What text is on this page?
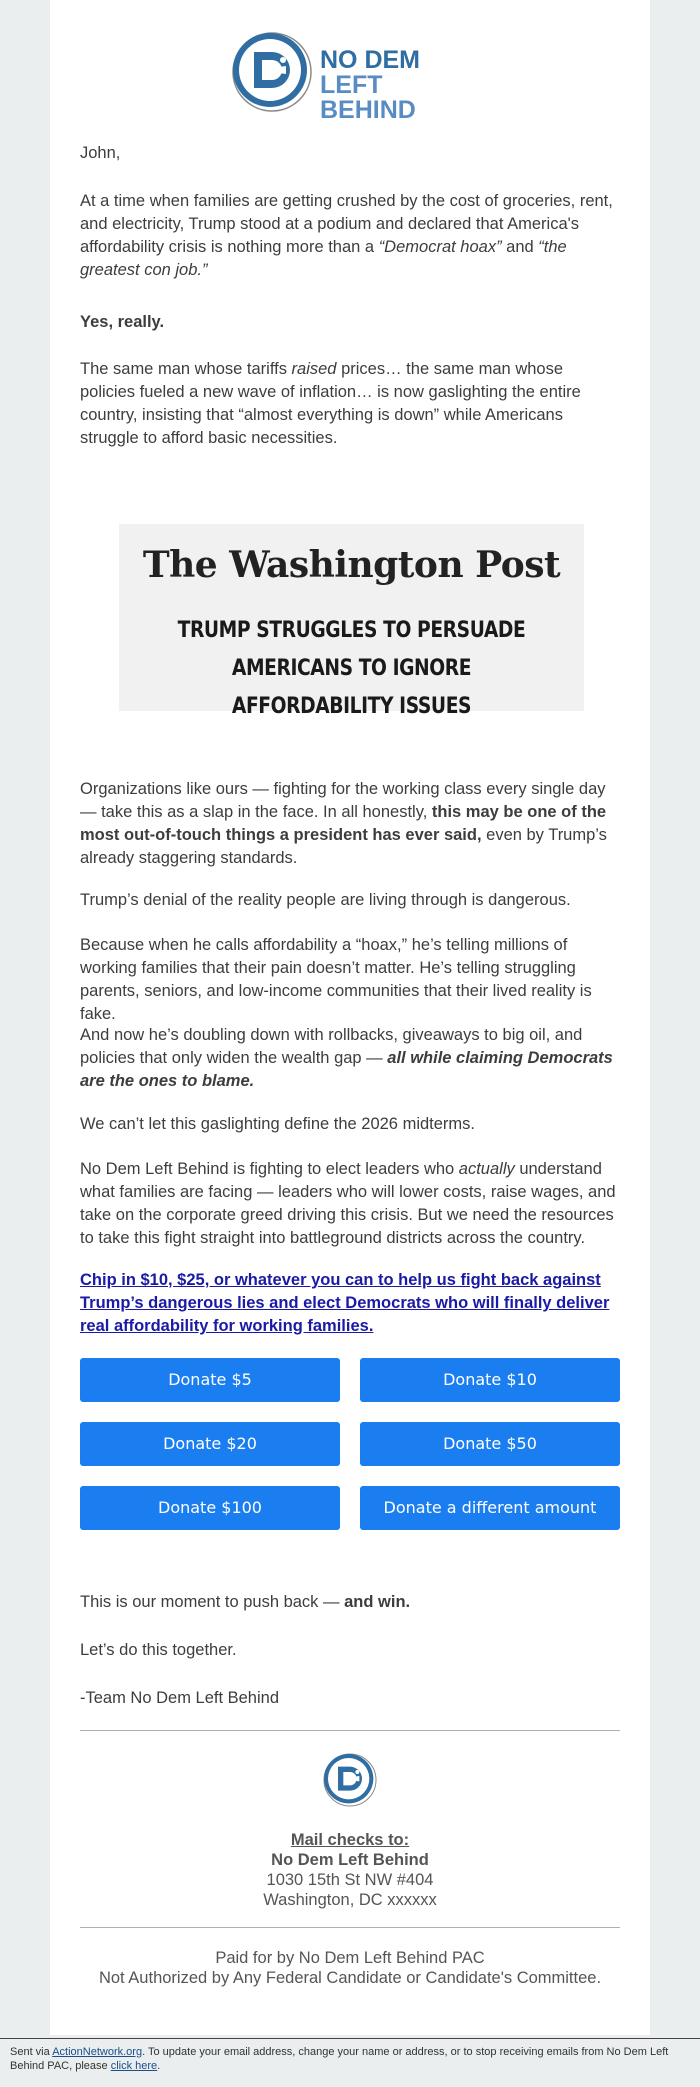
NO DEM
LEFT BEHIND

John,

At a time when families are getting crushed by the cost of groceries, rent, and electricity, Trump stood at a podium and declared that America's affordability crisis is nothing more than a “Democrat hoax” and “the greatest con job.”

Yes, really.

The same man whose tariffs raised prices… the same man whose policies fueled a new wave of inflation… is now gaslighting the entire country, insisting that “almost everything is down” while Americans struggle to afford basic necessities.

The Washington Post
TRUMP STRUGGLES TO PERSUADE AMERICANS TO IGNORE AFFORDABILITY ISSUES

Organizations like ours — fighting for the working class every single day — take this as a slap in the face. In all honestly, this may be one of the most out-of-touch things a president has ever said, even by Trump’s already staggering standards.

Trump’s denial of the reality people are living through is dangerous.

Because when he calls affordability a “hoax,” he’s telling millions of working families that their pain doesn’t matter. He’s telling struggling parents, seniors, and low-income communities that their lived reality is fake.

And now he’s doubling down with rollbacks, giveaways to big oil, and policies that only widen the wealth gap — all while claiming Democrats are the ones to blame.

We can’t let this gaslighting define the 2026 midterms.

No Dem Left Behind is fighting to elect leaders who actually understand what families are facing — leaders who will lower costs, raise wages, and take on the corporate greed driving this crisis. But we need the resources to take this fight straight into battleground districts across the country.

Chip in $10, $25, or whatever you can to help us fight back against Trump’s dangerous lies and elect Democrats who will finally deliver real affordability for working families.
Donate $5	Donate $10
Donate $20	Donate $50
Donate $100	Donate a different amount

This is our moment to push back — and win.

Let’s do this together.

-Team No Dem Left Behind

Mail checks to:
No Dem Left Behind
1030 15th St NW #404
Washington, DC xxxxxx
Paid for by No Dem Left Behind PAC
Not Authorized by Any Federal Candidate or Candidate's Committee.
Sent via ActionNetwork.org. To update your email address, change your name or address, or to stop receiving emails from No Dem Left Behind PAC, please click here.
